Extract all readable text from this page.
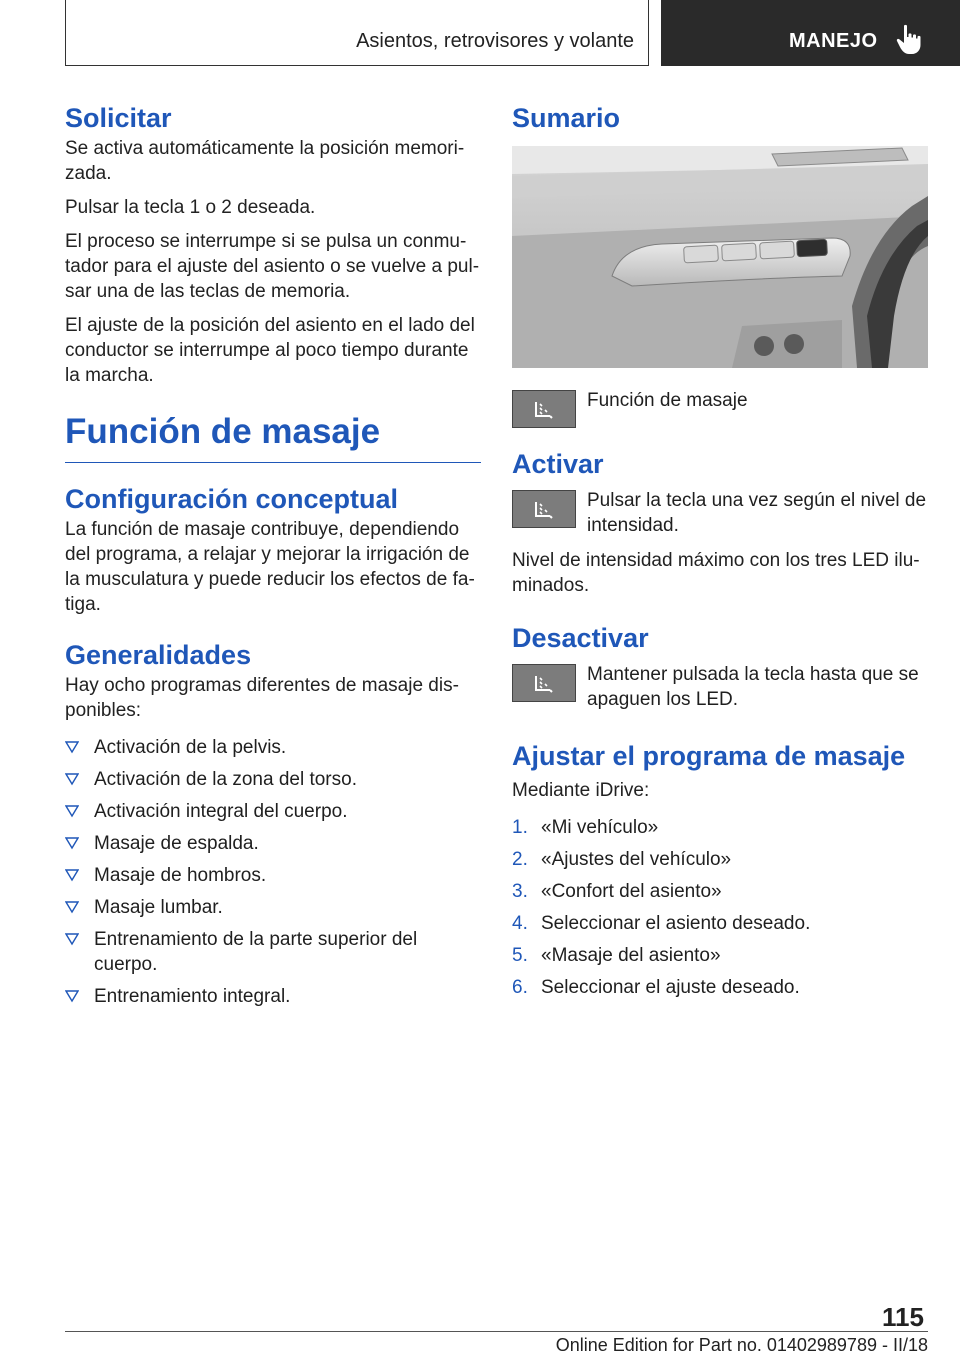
Asientos, retrovisores y volante	MANEJO
Solicitar

Se activa automáticamente la posición memori-zada.

Pulsar la tecla 1 o 2 deseada.

El proceso se interrumpe si se pulsa un conmu-tador para el ajuste del asiento o se vuelve a pul-sar una de las teclas de memoria.

El ajuste de la posición del asiento en el lado del conductor se interrumpe al poco tiempo durante la marcha.

Función de masaje
Configuración conceptual

La función de masaje contribuye, dependiendo del programa, a relajar y mejorar la irrigación de la musculatura y puede reducir los efectos de fa-tiga.

Generalidades

Hay ocho programas diferentes de masaje dis-ponibles:

Activación de la pelvis.
Activación de la zona del torso.
Activación integral del cuerpo.
Masaje de espalda.
Masaje de hombros.
Masaje lumbar.
Entrenamiento de la parte superior del cuerpo.
Entrenamiento integral.
Sumario

Función de masaje

Activar

Pulsar la tecla una vez según el nivel de intensidad.

Nivel de intensidad máximo con los tres LED ilu-minados.

Desactivar

Mantener pulsada la tecla hasta que se apaguen los LED.

Ajustar el programa de masaje

Mediante iDrive:

1. «Mi vehículo»
2. «Ajustes del vehículo»
3. «Confort del asiento»
4. Seleccionar el asiento deseado.
5. «Masaje del asiento»
6. Seleccionar el ajuste deseado.
115
Online Edition for Part no. 01402989789 - II/18
